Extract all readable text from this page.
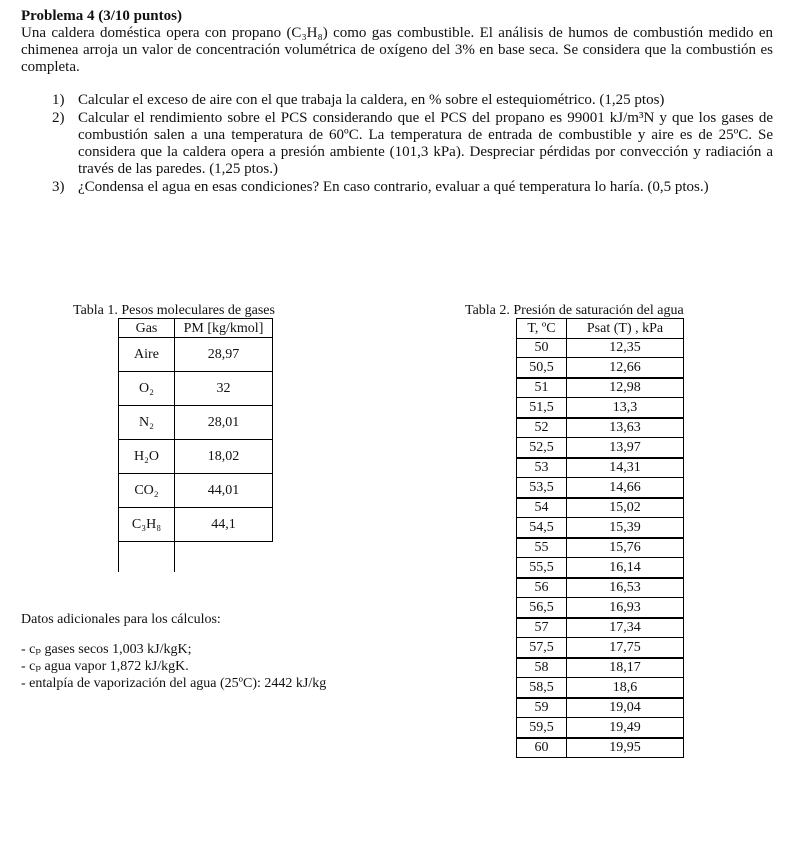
Problema 4 (3/10 puntos)
Una caldera doméstica opera con propano (C₃H₈) como gas combustible. El análisis de humos de combustión medido en chimenea arroja un valor de concentración volumétrica de oxígeno del 3% en base seca. Se considera que la combustión es completa.
1) Calcular el exceso de aire con el que trabaja la caldera, en % sobre el estequiométrico. (1,25 ptos)
2) Calcular el rendimiento sobre el PCS considerando que el PCS del propano es 99001 kJ/m³N y que los gases de combustión salen a una temperatura de 60ºC. La temperatura de entrada de combustible y aire es de 25ºC. Se considera que la caldera opera a presión ambiente (101,3 kPa). Despreciar pérdidas por convección y radiación a través de las paredes. (1,25 ptos.)
3) ¿Condensa el agua en esas condiciones? En caso contrario, evaluar a qué temperatura lo haría. (0,5 ptos.)
Tabla 1. Pesos moleculares de gases
Gas	PM [kg/kmol]
Aire	28,97
O₂	32
N₂	28,01
H₂O	18,02
CO₂	44,01
C₃H₈	44,1

Tabla 2. Presión de saturación del agua
T, ºC	Psat (T) , kPa
50	12,35
50,5	12,66
51	12,98
51,5	13,3
52	13,63
52,5	13,97
53	14,31
53,5	14,66
54	15,02
54,5	15,39
55	15,76
55,5	16,14
56	16,53
56,5	16,93
57	17,34
57,5	17,75
58	18,17
58,5	18,6
59	19,04
59,5	19,49
60	19,95
Datos adicionales para los cálculos:
- cₚ gases secos 1,003 kJ/kgK;
- cₚ agua vapor 1,872 kJ/kgK.
- entalpía de vaporización del agua (25ºC): 2442 kJ/kg
